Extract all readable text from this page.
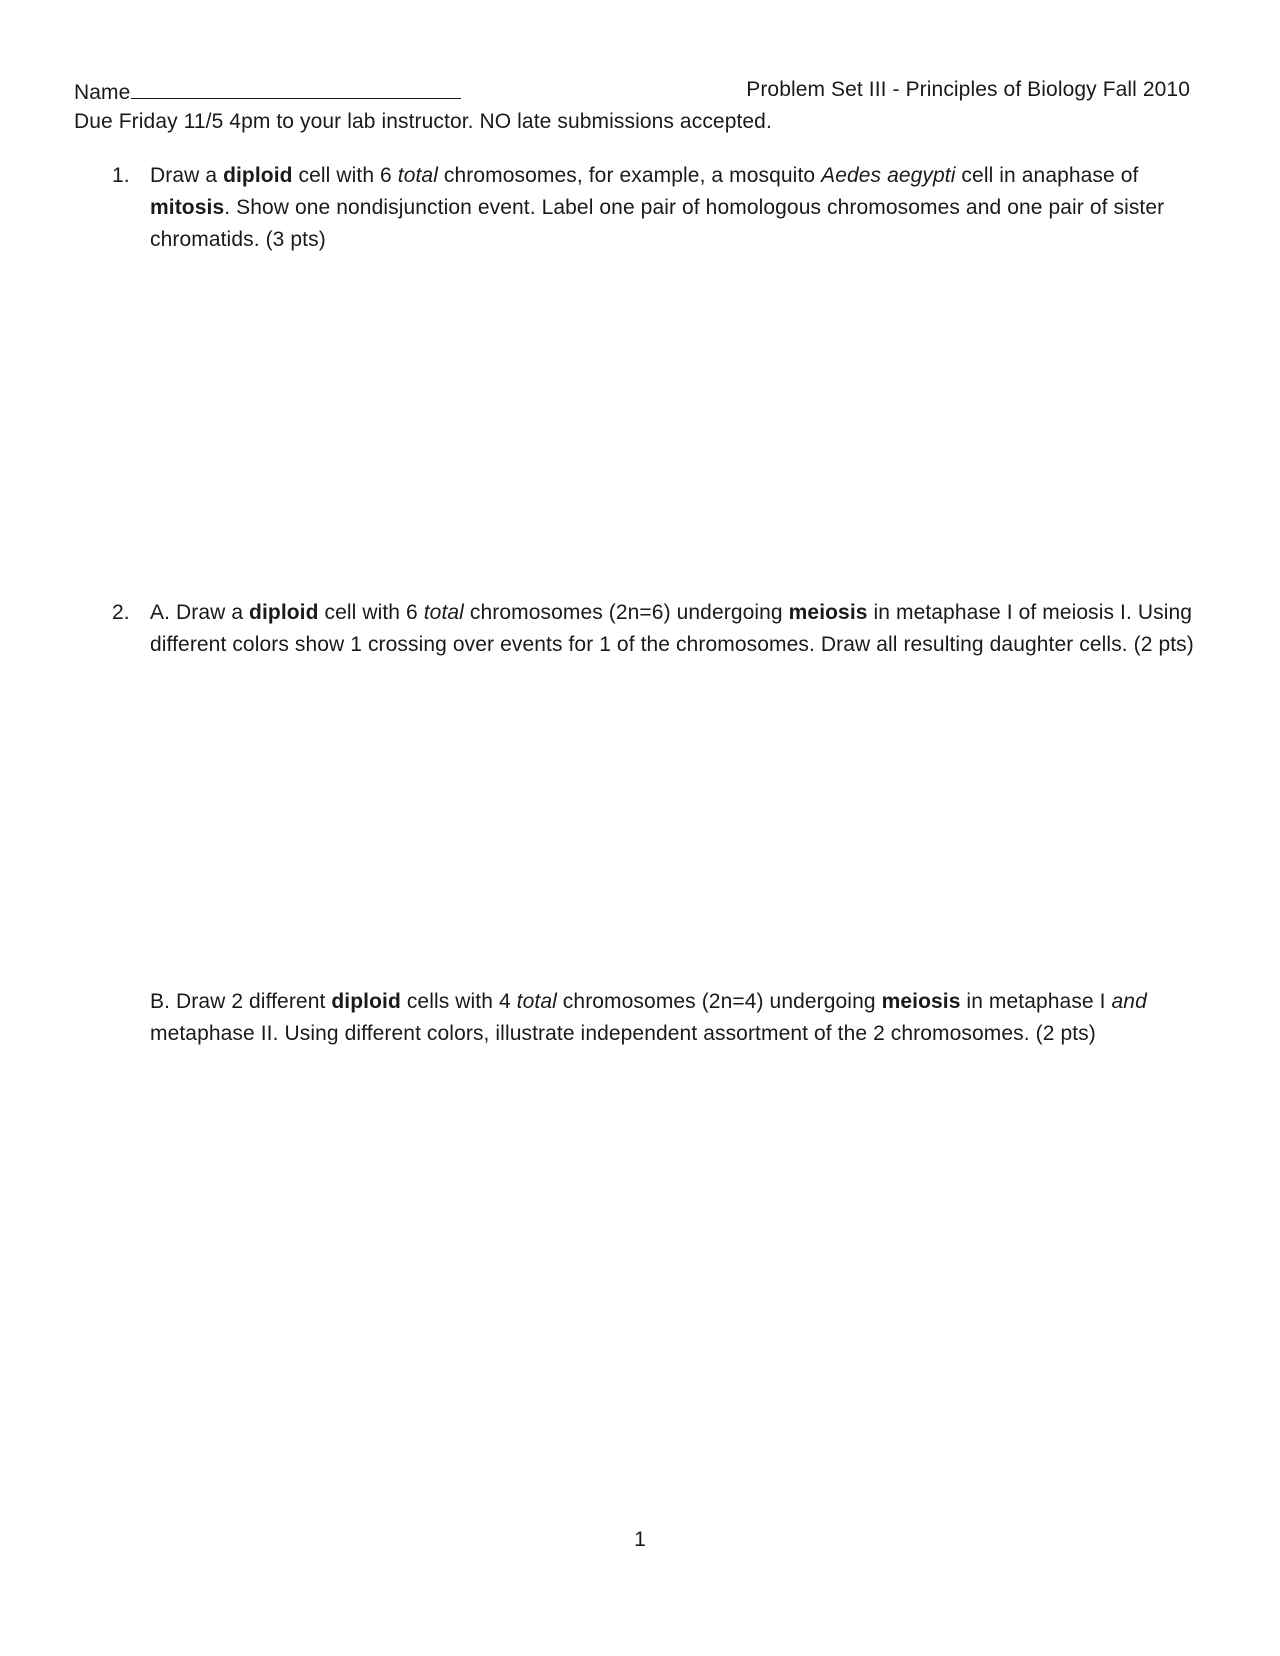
Name	Problem Set III - Principles of Biology Fall 2010
Due Friday 11/5 4pm to your lab instructor. NO late submissions accepted.
1. Draw a diploid cell with 6 total chromosomes, for example, a mosquito Aedes aegypti cell in anaphase of mitosis. Show one nondisjunction event. Label one pair of homologous chromosomes and one pair of sister chromatids. (3 pts)
2. A. Draw a diploid cell with 6 total chromosomes (2n=6) undergoing meiosis in metaphase I of meiosis I. Using different colors show 1 crossing over events for 1 of the chromosomes. Draw all resulting daughter cells. (2 pts)
B. Draw 2 different diploid cells with 4 total chromosomes (2n=4) undergoing meiosis in metaphase I and metaphase II. Using different colors, illustrate independent assortment of the 2 chromosomes. (2 pts)
1
